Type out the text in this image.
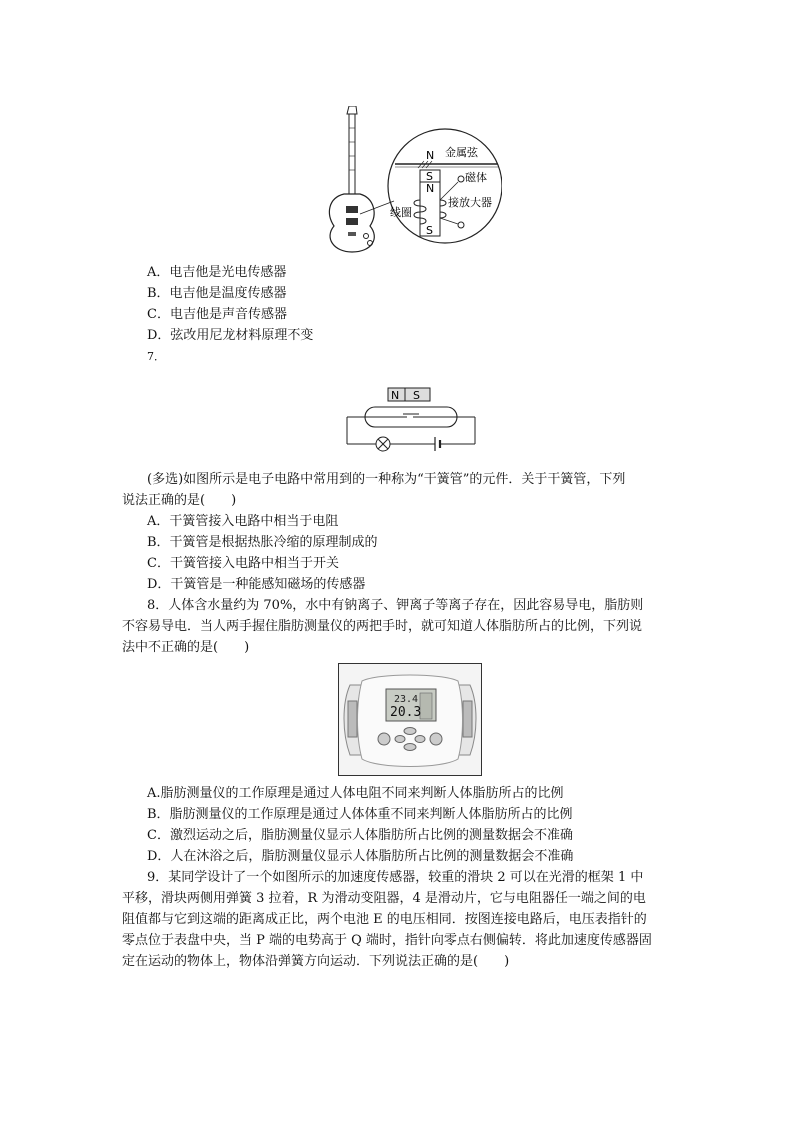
N 金属弦
S
N
磁体
线圈
接放大器
S
A．电吉他是光电传感器
B．电吉他是温度传感器
C．电吉他是声音传感器
D．弦改用尼龙材料原理不变
7．
N S
(多选)如图所示是电子电路中常用到的一种称为“干簧管”的元件．关于干簧管，下列
说法正确的是(　　)
A．干簧管接入电路中相当于电阻
B．干簧管是根据热胀冷缩的原理制成的
C．干簧管接入电路中相当于开关
D．干簧管是一种能感知磁场的传感器
8．人体含水量约为 70%，水中有钠离子、钾离子等离子存在，因此容易导电，脂肪则
不容易导电．当人两手握住脂肪测量仪的两把手时，就可知道人体脂肪所占的比例，下列说
法中不正确的是(　　)
23.4
20.3
A.脂肪测量仪的工作原理是通过人体电阻不同来判断人体脂肪所占的比例
B．脂肪测量仪的工作原理是通过人体体重不同来判断人体脂肪所占的比例
C．激烈运动之后，脂肪测量仪显示人体脂肪所占比例的测量数据会不准确
D．人在沐浴之后，脂肪测量仪显示人体脂肪所占比例的测量数据会不准确
9．某同学设计了一个如图所示的加速度传感器，较重的滑块 2 可以在光滑的框架 1 中
平移，滑块两侧用弹簧 3 拉着，R 为滑动变阻器，4 是滑动片，它与电阻器任一端之间的电
阻值都与它到这端的距离成正比，两个电池 E 的电压相同．按图连接电路后，电压表指针的
零点位于表盘中央，当 P 端的电势高于 Q 端时，指针向零点右侧偏转．将此加速度传感器固
定在运动的物体上，物体沿弹簧方向运动．下列说法正确的是(　　)
